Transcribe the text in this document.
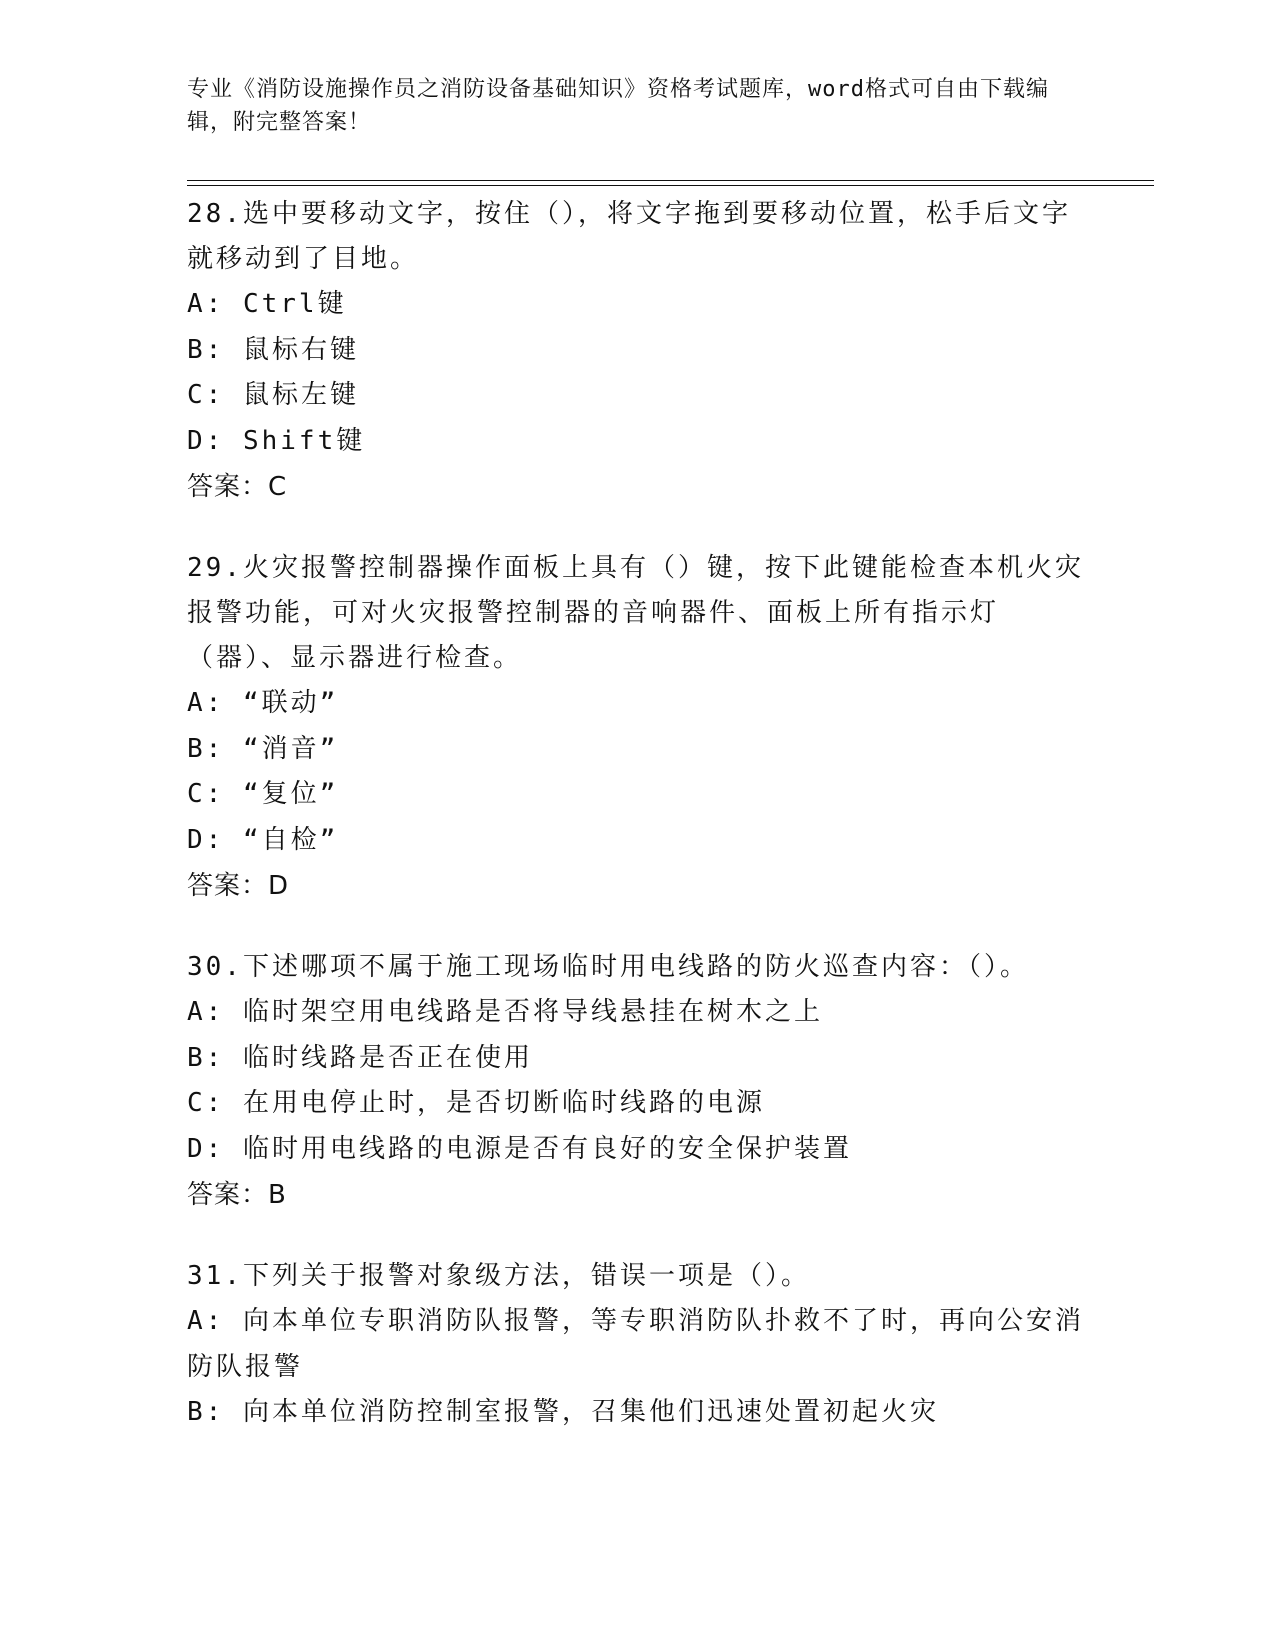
专业《消防设施操作员之消防设备基础知识》资格考试题库，word格式可自由下载编辑，附完整答案！

28.选中要移动文字，按住（），将文字拖到要移动位置，松手后文字就移动到了目地。

A: Ctrl键

B: 鼠标右键

C: 鼠标左键

D: Shift键

答案：C

29.火灾报警控制器操作面板上具有（）键，按下此键能检查本机火灾报警功能，可对火灾报警控制器的音响器件、面板上所有指示灯（器）、显示器进行检查。

A: “联动”

B: “消音”

C: “复位”

D: “自检”

答案：D

30.下述哪项不属于施工现场临时用电线路的防火巡查内容：（）。

A: 临时架空用电线路是否将导线悬挂在树木之上

B: 临时线路是否正在使用

C: 在用电停止时，是否切断临时线路的电源

D: 临时用电线路的电源是否有良好的安全保护装置

答案：B

31.下列关于报警对象级方法，错误一项是（）。

A: 向本单位专职消防队报警，等专职消防队扑救不了时，再向公安消防队报警

B: 向本单位消防控制室报警，召集他们迅速处置初起火灾
